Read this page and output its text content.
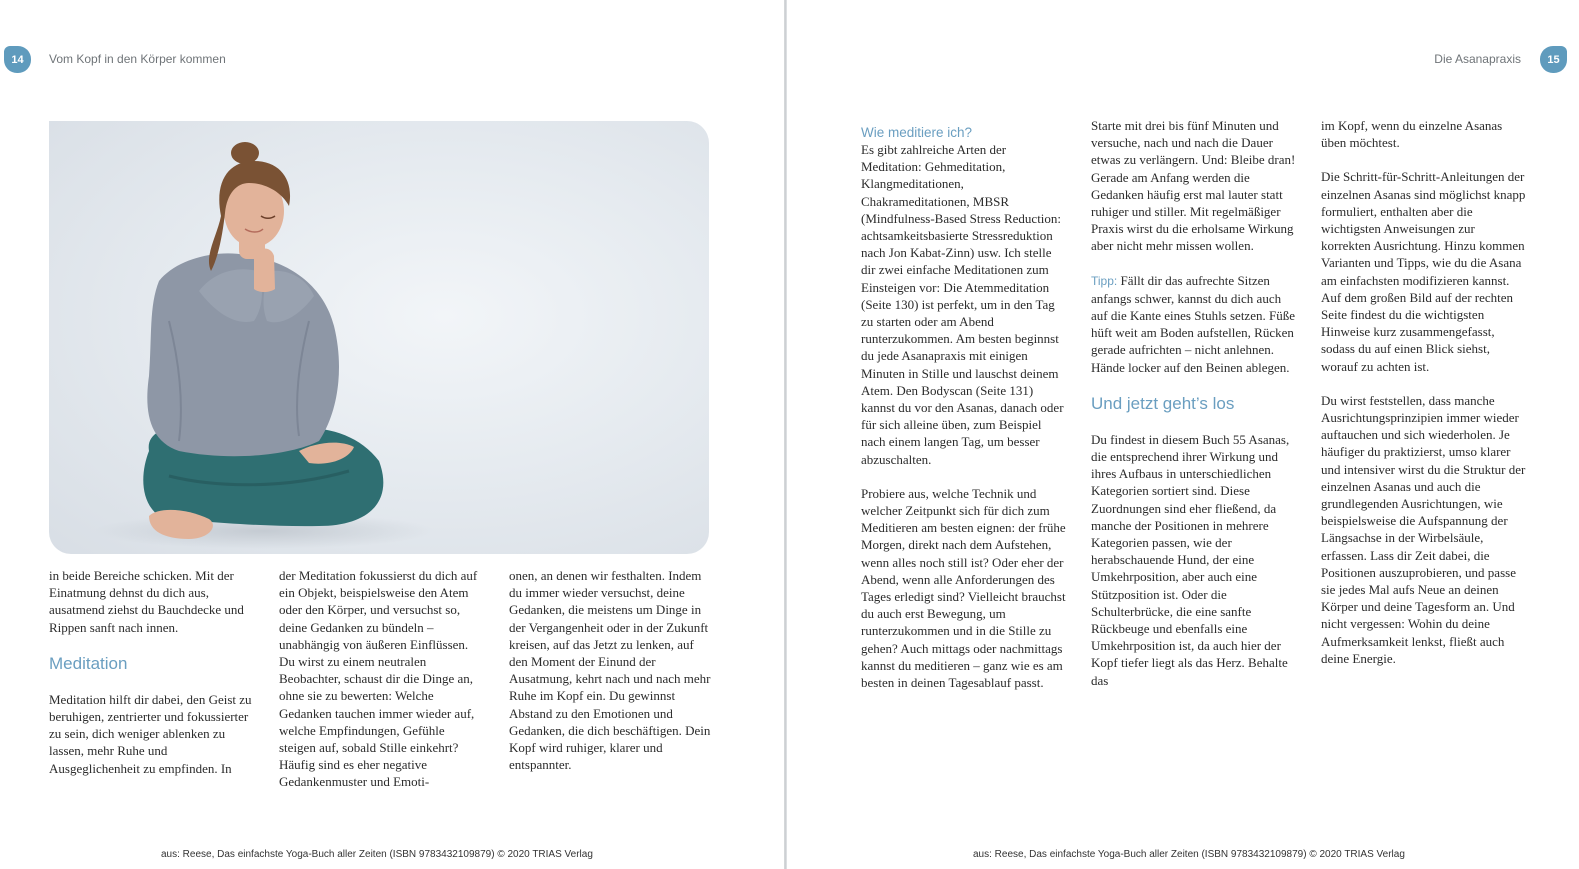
14	Vom Kopf in den Körper kommen

in beide Bereiche schicken. Mit der Einatmung dehnst du dich aus, ausatmend ziehst du Bauchdecke und Rippen sanft nach innen.

Meditation

Meditation hilft dir dabei, den Geist zu beruhigen, zentrierter und fokussierter zu sein, dich weniger ablenken zu lassen, mehr Ruhe und Ausgeglichenheit zu empfinden. In

der Meditation fokussierst du dich auf ein Objekt, beispielsweise den Atem oder den Körper, und versuchst so, deine Gedanken zu bündeln – unabhängig von äußeren Einflüssen. Du wirst zu einem neutralen Beobachter, schaust dir die Dinge an, ohne sie zu bewerten: Welche Gedanken tauchen immer wieder auf, welche Empfindungen, Gefühle steigen auf, sobald Stille einkehrt? Häufig sind es eher negative Gedankenmuster und Emoti-

onen, an denen wir festhalten. Indem du immer wieder versuchst, deine Gedanken, die meistens um Dinge in der Vergangenheit oder in der Zukunft kreisen, auf das Jetzt zu lenken, auf den Moment der Einund der Ausatmung, kehrt nach und nach mehr Ruhe im Kopf ein. Du gewinnst Abstand zu den Emotionen und Gedanken, die dich beschäftigen. Dein Kopf wird ruhiger, klarer und entspannter.

aus: Reese, Das einfachste Yoga-Buch aller Zeiten (ISBN 9783432109879) © 2020 TRIAS Verlag
15
Die Asanapraxis
Wie meditiere ich?

Es gibt zahlreiche Arten der Meditation: Gehmeditation, Klangmeditationen, Chakrameditationen, MBSR (Mindfulness-Based Stress Reduction: achtsamkeitsbasierte Stressreduktion nach Jon Kabat-Zinn) usw. Ich stelle dir zwei einfache Meditationen zum Einsteigen vor: Die Atemmeditation (Seite 130) ist perfekt, um in den Tag zu starten oder am Abend runterzukommen. Am besten beginnst du jede Asanapraxis mit einigen Minuten in Stille und lauschst deinem Atem. Den Bodyscan (Seite 131) kannst du vor den Asanas, danach oder für sich alleine üben, zum Beispiel nach einem langen Tag, um besser abzuschalten.

Probiere aus, welche Technik und welcher Zeitpunkt sich für dich zum Meditieren am besten eignen: der frühe Morgen, direkt nach dem Aufstehen, wenn alles noch still ist? Oder eher der Abend, wenn alle Anforderungen des Tages erledigt sind? Vielleicht brauchst du auch erst Bewegung, um runterzukommen und in die Stille zu gehen? Auch mittags oder nachmittags kannst du meditieren – ganz wie es am besten in deinen Tagesablauf passt.

Starte mit drei bis fünf Minuten und versuche, nach und nach die Dauer etwas zu verlängern. Und: Bleibe dran! Gerade am Anfang werden die Gedanken häufig erst mal lauter statt ruhiger und stiller. Mit regelmäßiger Praxis wirst du die erholsame Wirkung aber nicht mehr missen wollen.

Tipp: Fällt dir das aufrechte Sitzen anfangs schwer, kannst du dich auch auf die Kante eines Stuhls setzen. Füße hüft weit am Boden aufstellen, Rücken gerade aufrichten – nicht anlehnen. Hände locker auf den Beinen ablegen.

Und jetzt geht’s los

Du findest in diesem Buch 55 Asanas, die entsprechend ihrer Wirkung und ihres Aufbaus in unterschiedlichen Kategorien sortiert sind. Diese Zuordnungen sind eher fließend, da manche der Positionen in mehrere Kategorien passen, wie der herabschauende Hund, der eine Umkehrposition, aber auch eine Stützposition ist. Oder die Schulterbrücke, die eine sanfte Rückbeuge und ebenfalls eine Umkehrposition ist, da auch hier der Kopf tiefer liegt als das Herz. Behalte das

im Kopf, wenn du einzelne Asanas üben möchtest.

Die Schritt-für-Schritt-Anleitungen der einzelnen Asanas sind möglichst knapp formuliert, enthalten aber die wichtigsten Anweisungen zur korrekten Ausrichtung. Hinzu kommen Varianten und Tipps, wie du die Asana am einfachsten modifizieren kannst. Auf dem großen Bild auf der rechten Seite findest du die wichtigsten Hinweise kurz zusammengefasst, sodass du auf einen Blick siehst, worauf zu achten ist.

Du wirst feststellen, dass manche Ausrichtungsprinzipien immer wieder auftauchen und sich wiederholen. Je häufiger du praktizierst, umso klarer und intensiver wirst du die Struktur der einzelnen Asanas und auch die grundlegenden Ausrichtungen, wie beispielsweise die Aufspannung der Längsachse in der Wirbelsäule, erfassen. Lass dir Zeit dabei, die Positionen auszuprobieren, und passe sie jedes Mal aufs Neue an deinen Körper und deine Tagesform an. Und nicht vergessen: Wohin du deine Aufmerksamkeit lenkst, fließt auch deine Energie.

aus: Reese, Das einfachste Yoga-Buch aller Zeiten (ISBN 9783432109879) © 2020 TRIAS Verlag
